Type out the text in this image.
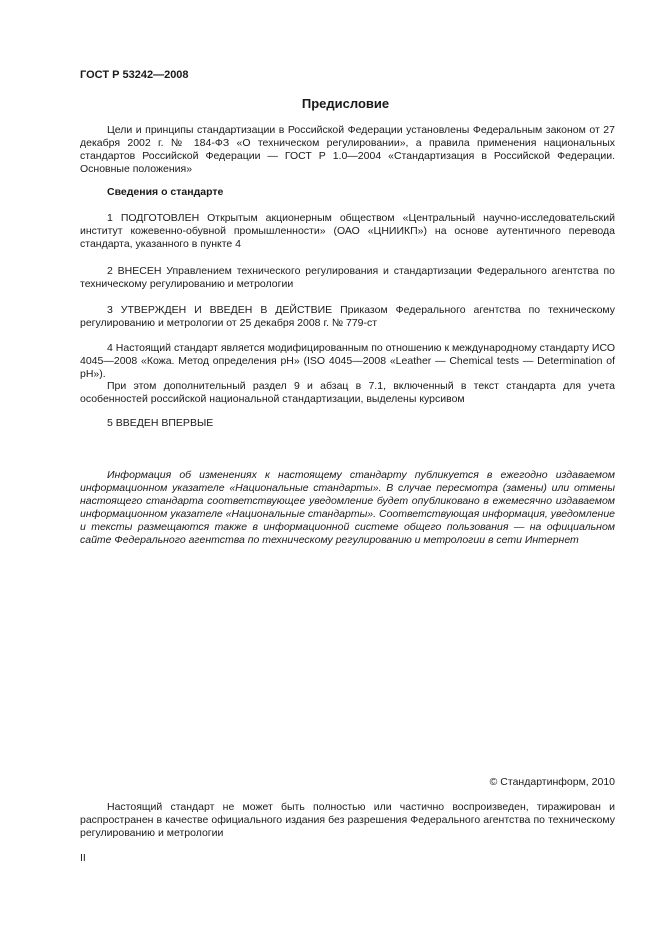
ГОСТ Р 53242—2008
Предисловие

Цели и принципы стандартизации в Российской Федерации установлены Федеральным законом от 27 декабря 2002 г. № 184-ФЗ «О техническом регулировании», а правила применения национальных стандартов Российской Федерации — ГОСТ Р 1.0—2004 «Стандартизация в Российской Федерации. Основные положения»

Сведения о стандарте

1 ПОДГОТОВЛЕН Открытым акционерным обществом «Центральный научно-исследовательский институт кожевенно-обувной промышленности» (ОАО «ЦНИИКП») на основе аутентичного перевода стандарта, указанного в пункте 4

2 ВНЕСЕН Управлением технического регулирования и стандартизации Федерального агентства по техническому регулированию и метрологии

3 УТВЕРЖДЕН И ВВЕДЕН В ДЕЙСТВИЕ Приказом Федерального агентства по техническому регулированию и метрологии от 25 декабря 2008 г. № 779-ст

4 Настоящий стандарт является модифицированным по отношению к международному стандарту ИСО 4045—2008 «Кожа. Метод определения pH» (ISO 4045—2008 «Leather — Chemical tests — Determination of pH»).

При этом дополнительный раздел 9 и абзац в 7.1, включенный в текст стандарта для учета особенностей российской национальной стандартизации, выделены курсивом

5 ВВЕДЕН ВПЕРВЫЕ

Информация об изменениях к настоящему стандарту публикуется в ежегодно издаваемом информационном указателе «Национальные стандарты». В случае пересмотра (замены) или отмены настоящего стандарта соответствующее уведомление будет опубликовано в ежемесячно издаваемом информационном указателе «Национальные стандарты». Соответствующая информация, уведомление и тексты размещаются также в информационной системе общего пользования — на официальном сайте Федерального агентства по техническому регулированию и метрологии в сети Интернет

© Стандартинформ, 2010

Настоящий стандарт не может быть полностью или частично воспроизведен, тиражирован и распространен в качестве официального издания без разрешения Федерального агентства по техническому регулированию и метрологии

II
